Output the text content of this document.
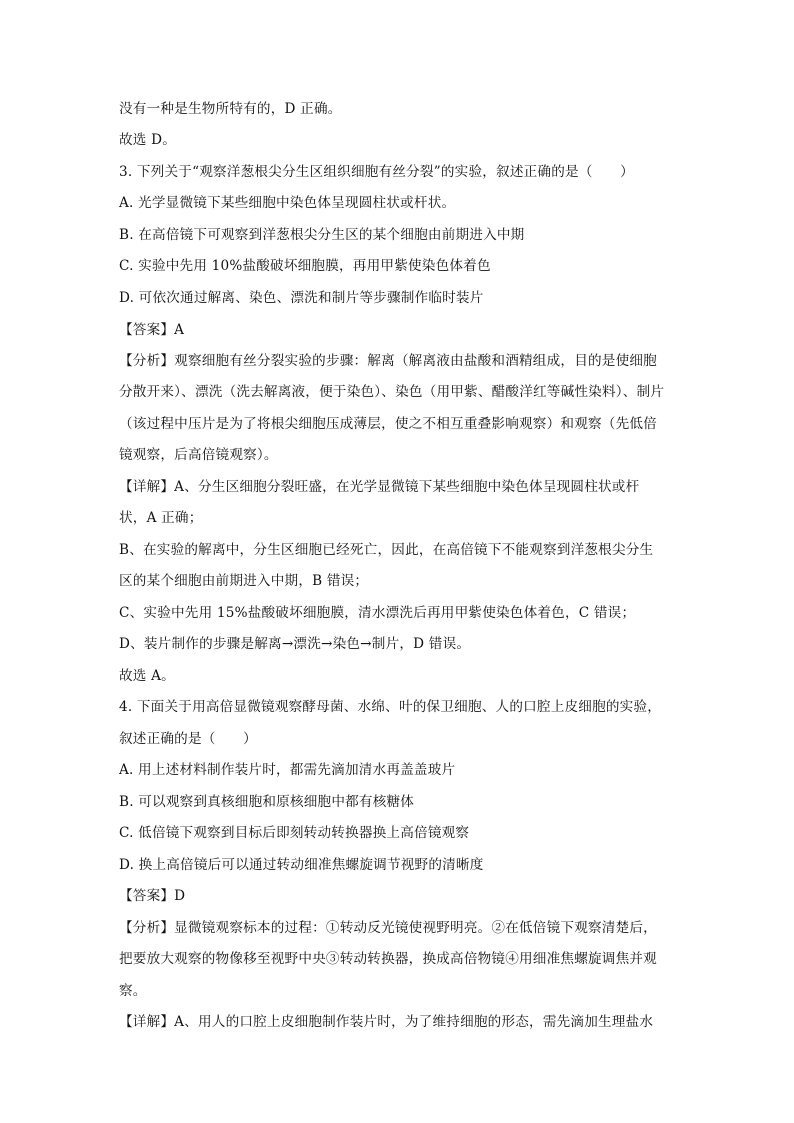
没有一种是生物所特有的，D 正确。
故选 D。
3. 下列关于“观察洋葱根尖分生区组织细胞有丝分裂”的实验，叙述正确的是（　　）
A. 光学显微镜下某些细胞中染色体呈现圆柱状或杆状。
B. 在高倍镜下可观察到洋葱根尖分生区的某个细胞由前期进入中期
C. 实验中先用 10%盐酸破坏细胞膜，再用甲紫使染色体着色
D. 可依次通过解离、染色、漂洗和制片等步骤制作临时装片
【答案】A
【分析】观察细胞有丝分裂实验的步骤：解离（解离液由盐酸和酒精组成，目的是使细胞
分散开来）、漂洗（洗去解离液，便于染色）、染色（用甲紫、醋酸洋红等碱性染料）、制片
（该过程中压片是为了将根尖细胞压成薄层，使之不相互重叠影响观察）和观察（先低倍
镜观察，后高倍镜观察）。
【详解】A、分生区细胞分裂旺盛，在光学显微镜下某些细胞中染色体呈现圆柱状或杆
状，A 正确；
B、在实验的解离中，分生区细胞已经死亡，因此，在高倍镜下不能观察到洋葱根尖分生
区的某个细胞由前期进入中期，B 错误；
C、实验中先用 15%盐酸破坏细胞膜，清水漂洗后再用甲紫使染色体着色，C 错误；
D、装片制作的步骤是解离→漂洗→染色→制片，D 错误。
故选 A。
4. 下面关于用高倍显微镜观察酵母菌、水绵、叶的保卫细胞、人的口腔上皮细胞的实验，
叙述正确的是（　　）
A. 用上述材料制作装片时，都需先滴加清水再盖盖玻片
B. 可以观察到真核细胞和原核细胞中都有核糖体
C. 低倍镜下观察到目标后即刻转动转换器换上高倍镜观察
D. 换上高倍镜后可以通过转动细准焦螺旋调节视野的清晰度
【答案】D
【分析】显微镜观察标本的过程：①转动反光镜使视野明亮。②在低倍镜下观察清楚后，
把要放大观察的物像移至视野中央③转动转换器，换成高倍物镜④用细准焦螺旋调焦并观
察。
【详解】A、用人的口腔上皮细胞制作装片时，为了维持细胞的形态，需先滴加生理盐水
